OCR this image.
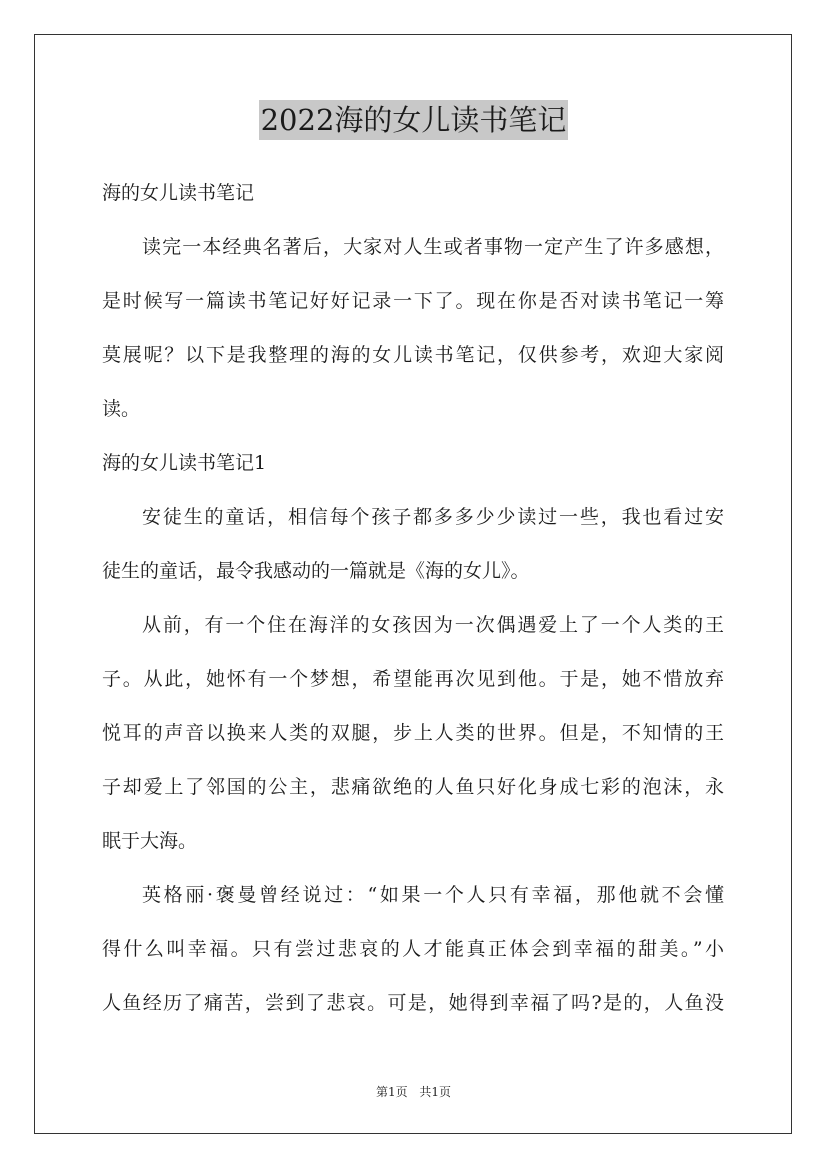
2022海的女儿读书笔记
海的女儿读书笔记
读完一本经典名著后，大家对人生或者事物一定产生了许多感想，
是时候写一篇读书笔记好好记录一下了。现在你是否对读书笔记一筹
莫展呢？以下是我整理的海的女儿读书笔记，仅供参考，欢迎大家阅
读。
海的女儿读书笔记1
安徒生的童话，相信每个孩子都多多少少读过一些，我也看过安
徒生的童话，最令我感动的一篇就是《海的女儿》。
从前，有一个住在海洋的女孩因为一次偶遇爱上了一个人类的王
子。从此，她怀有一个梦想，希望能再次见到他。于是，她不惜放弃
悦耳的声音以换来人类的双腿，步上人类的世界。但是，不知情的王
子却爱上了邻国的公主，悲痛欲绝的人鱼只好化身成七彩的泡沫，永
眠于大海。
英格丽·褒曼曾经说过：“如果一个人只有幸福，那他就不会懂
得什么叫幸福。只有尝过悲哀的人才能真正体会到幸福的甜美。”小
人鱼经历了痛苦，尝到了悲哀。可是，她得到幸福了吗?是的，人鱼没
第1页 共1页
